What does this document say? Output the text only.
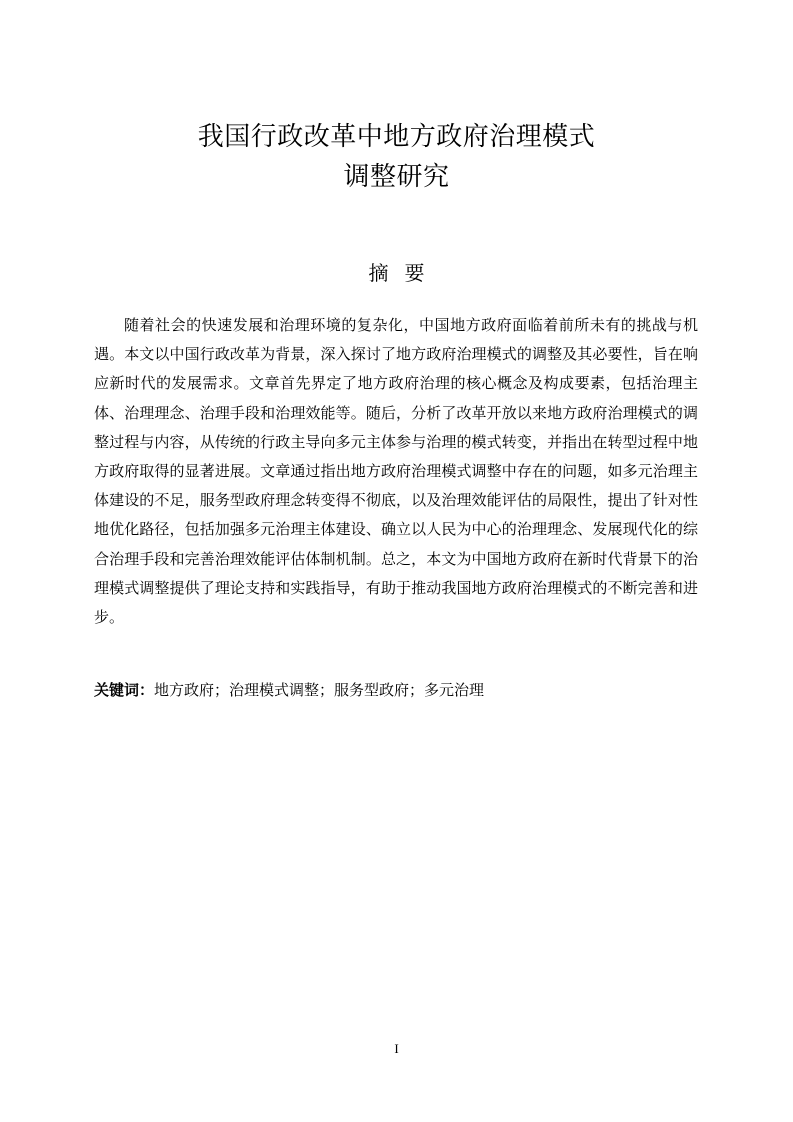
我国行政改革中地方政府治理模式
调整研究
摘要

随着社会的快速发展和治理环境的复杂化，中国地方政府面临着前所未有的挑战与机遇。本文以中国行政改革为背景，深入探讨了地方政府治理模式的调整及其必要性，旨在响应新时代的发展需求。文章首先界定了地方政府治理的核心概念及构成要素，包括治理主体、治理理念、治理手段和治理效能等。随后，分析了改革开放以来地方政府治理模式的调整过程与内容，从传统的行政主导向多元主体参与治理的模式转变，并指出在转型过程中地方政府取得的显著进展。文章通过指出地方政府治理模式调整中存在的问题，如多元治理主体建设的不足，服务型政府理念转变得不彻底，以及治理效能评估的局限性，提出了针对性地优化路径，包括加强多元治理主体建设、确立以人民为中心的治理理念、发展现代化的综合治理手段和完善治理效能评估体制机制。总之，本文为中国地方政府在新时代背景下的治理模式调整提供了理论支持和实践指导，有助于推动我国地方政府治理模式的不断完善和进步。

关键词：地方政府；治理模式调整；服务型政府；多元治理

I
